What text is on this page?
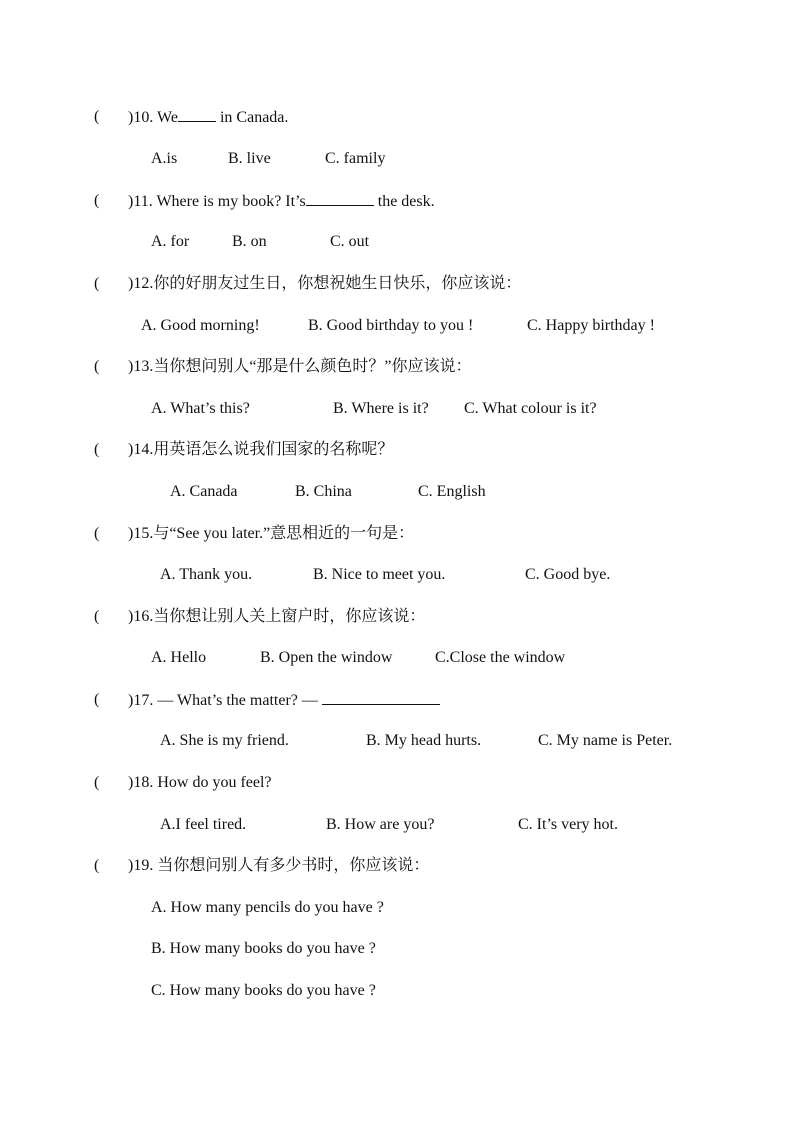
( )10. We in Canada.
A.is	B. live	C. family
( )11. Where is my book? It’s	the desk.
A. for	B. on	C. out
( )12.你的好朋友过生日，你想祝她生日快乐，你应该说：
A. Good morning!	B. Good birthday to you !	C. Happy birthday !
( )13.当你想问别人“那是什么颜色时？”你应该说：
A. What’s this?	B. Where is it? C. What colour is it?
( )14.用英语怎么说我们国家的名称呢？
A. Canada	B. China	C. English
( )15.与“See you later.”意思相近的一句是：
A. Thank you.	B. Nice to meet you.	C. Good bye.
( )16.当你想让别人关上窗户时，你应该说：
A. Hello	B. Open the window	C.Close the window
( )17. — What’s the matter? —
A. She is my friend.	B. My head hurts.	C. My name is Peter.
( )18. How do you feel?
A.I feel tired.	B. How are you?	C. It’s very hot.
( )19. 当你想问别人有多少书时，你应该说：
A. How many pencils do you have ?
B. How many books do you have ?
C. How many books do you have ?
